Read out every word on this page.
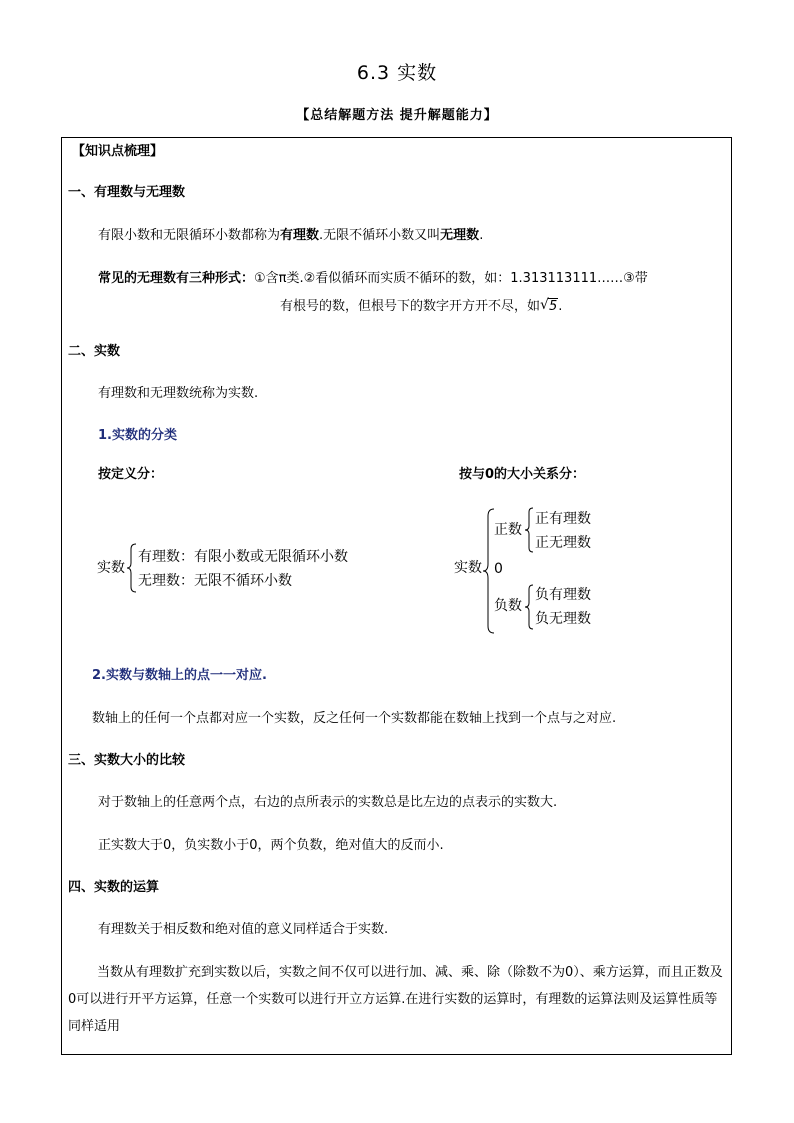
6.3 实数
【总结解题方法 提升解题能力】
【知识点梳理】
一、有理数与无理数
有限小数和无限循环小数都称为有理数.无限不循环小数又叫无理数.
常见的无理数有三种形式：①含π类.②看似循环而实质不循环的数，如：1.313113111……③带
有根号的数，但根号下的数字开方开不尽，如 √ 5.
二、实数
有理数和无理数统称为实数.
1.实数的分类
按定义分：	按与0的大小关系分：
实数
有理数：有限小数或无限循环小数
无理数：无限不循环小数
实数
正数
正有理数
正无理数
0
负数
负有理数
负无理数
2.实数与数轴上的点一一对应.
数轴上的任何一个点都对应一个实数，反之任何一个实数都能在数轴上找到一个点与之对应.
三、实数大小的比较
对于数轴上的任意两个点，右边的点所表示的实数总是比左边的点表示的实数大.
正实数大于0，负实数小于0，两个负数，绝对值大的反而小.
四、实数的运算
有理数关于相反数和绝对值的意义同样适合于实数.
当数从有理数扩充到实数以后，实数之间不仅可以进行加、减、乘、除（除数不为0）、乘方运算，而且正数及0可以进行开平方运算，任意一个实数可以进行开立方运算.在进行实数的运算时，有理数的运算法则及运算性质等同样适用
